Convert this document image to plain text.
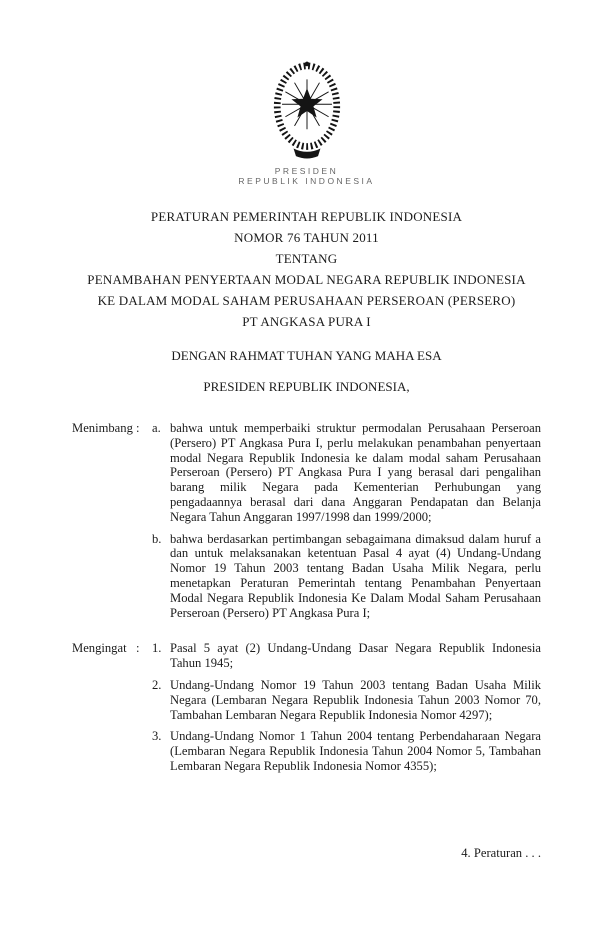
PRESIDEN
REPUBLIK INDONESIA
PERATURAN PEMERINTAH REPUBLIK INDONESIA
NOMOR 76 TAHUN 2011
TENTANG
PENAMBAHAN PENYERTAAN MODAL NEGARA REPUBLIK INDONESIA
KE DALAM MODAL SAHAM PERUSAHAAN PERSEROAN (PERSERO)
PT ANGKASA PURA I
DENGAN RAHMAT TUHAN YANG MAHA ESA
PRESIDEN REPUBLIK INDONESIA,
Menimbang : a. bahwa untuk memperbaiki struktur permodalan Perusahaan Perseroan (Persero) PT Angkasa Pura I, perlu melakukan penambahan penyertaan modal Negara Republik Indonesia ke dalam modal saham Perusahaan Perseroan (Persero) PT Angkasa Pura I yang berasal dari pengalihan barang milik Negara pada Kementerian Perhubungan yang pengadaannya berasal dari dana Anggaran Pendapatan dan Belanja Negara Tahun Anggaran 1997/1998 dan 1999/2000;
b. bahwa berdasarkan pertimbangan sebagaimana dimaksud dalam huruf a dan untuk melaksanakan ketentuan Pasal 4 ayat (4) Undang-Undang Nomor 19 Tahun 2003 tentang Badan Usaha Milik Negara, perlu menetapkan Peraturan Pemerintah tentang Penambahan Penyertaan Modal Negara Republik Indonesia Ke Dalam Modal Saham Perusahaan Perseroan (Persero) PT Angkasa Pura I;
Mengingat : 1. Pasal 5 ayat (2) Undang-Undang Dasar Negara Republik Indonesia Tahun 1945;
2. Undang-Undang Nomor 19 Tahun 2003 tentang Badan Usaha Milik Negara (Lembaran Negara Republik Indonesia Tahun 2003 Nomor 70, Tambahan Lembaran Negara Republik Indonesia Nomor 4297);
3. Undang-Undang Nomor 1 Tahun 2004 tentang Perbendaharaan Negara (Lembaran Negara Republik Indonesia Tahun 2004 Nomor 5, Tambahan Lembaran Negara Republik Indonesia Nomor 4355);
4. Peraturan . . .
